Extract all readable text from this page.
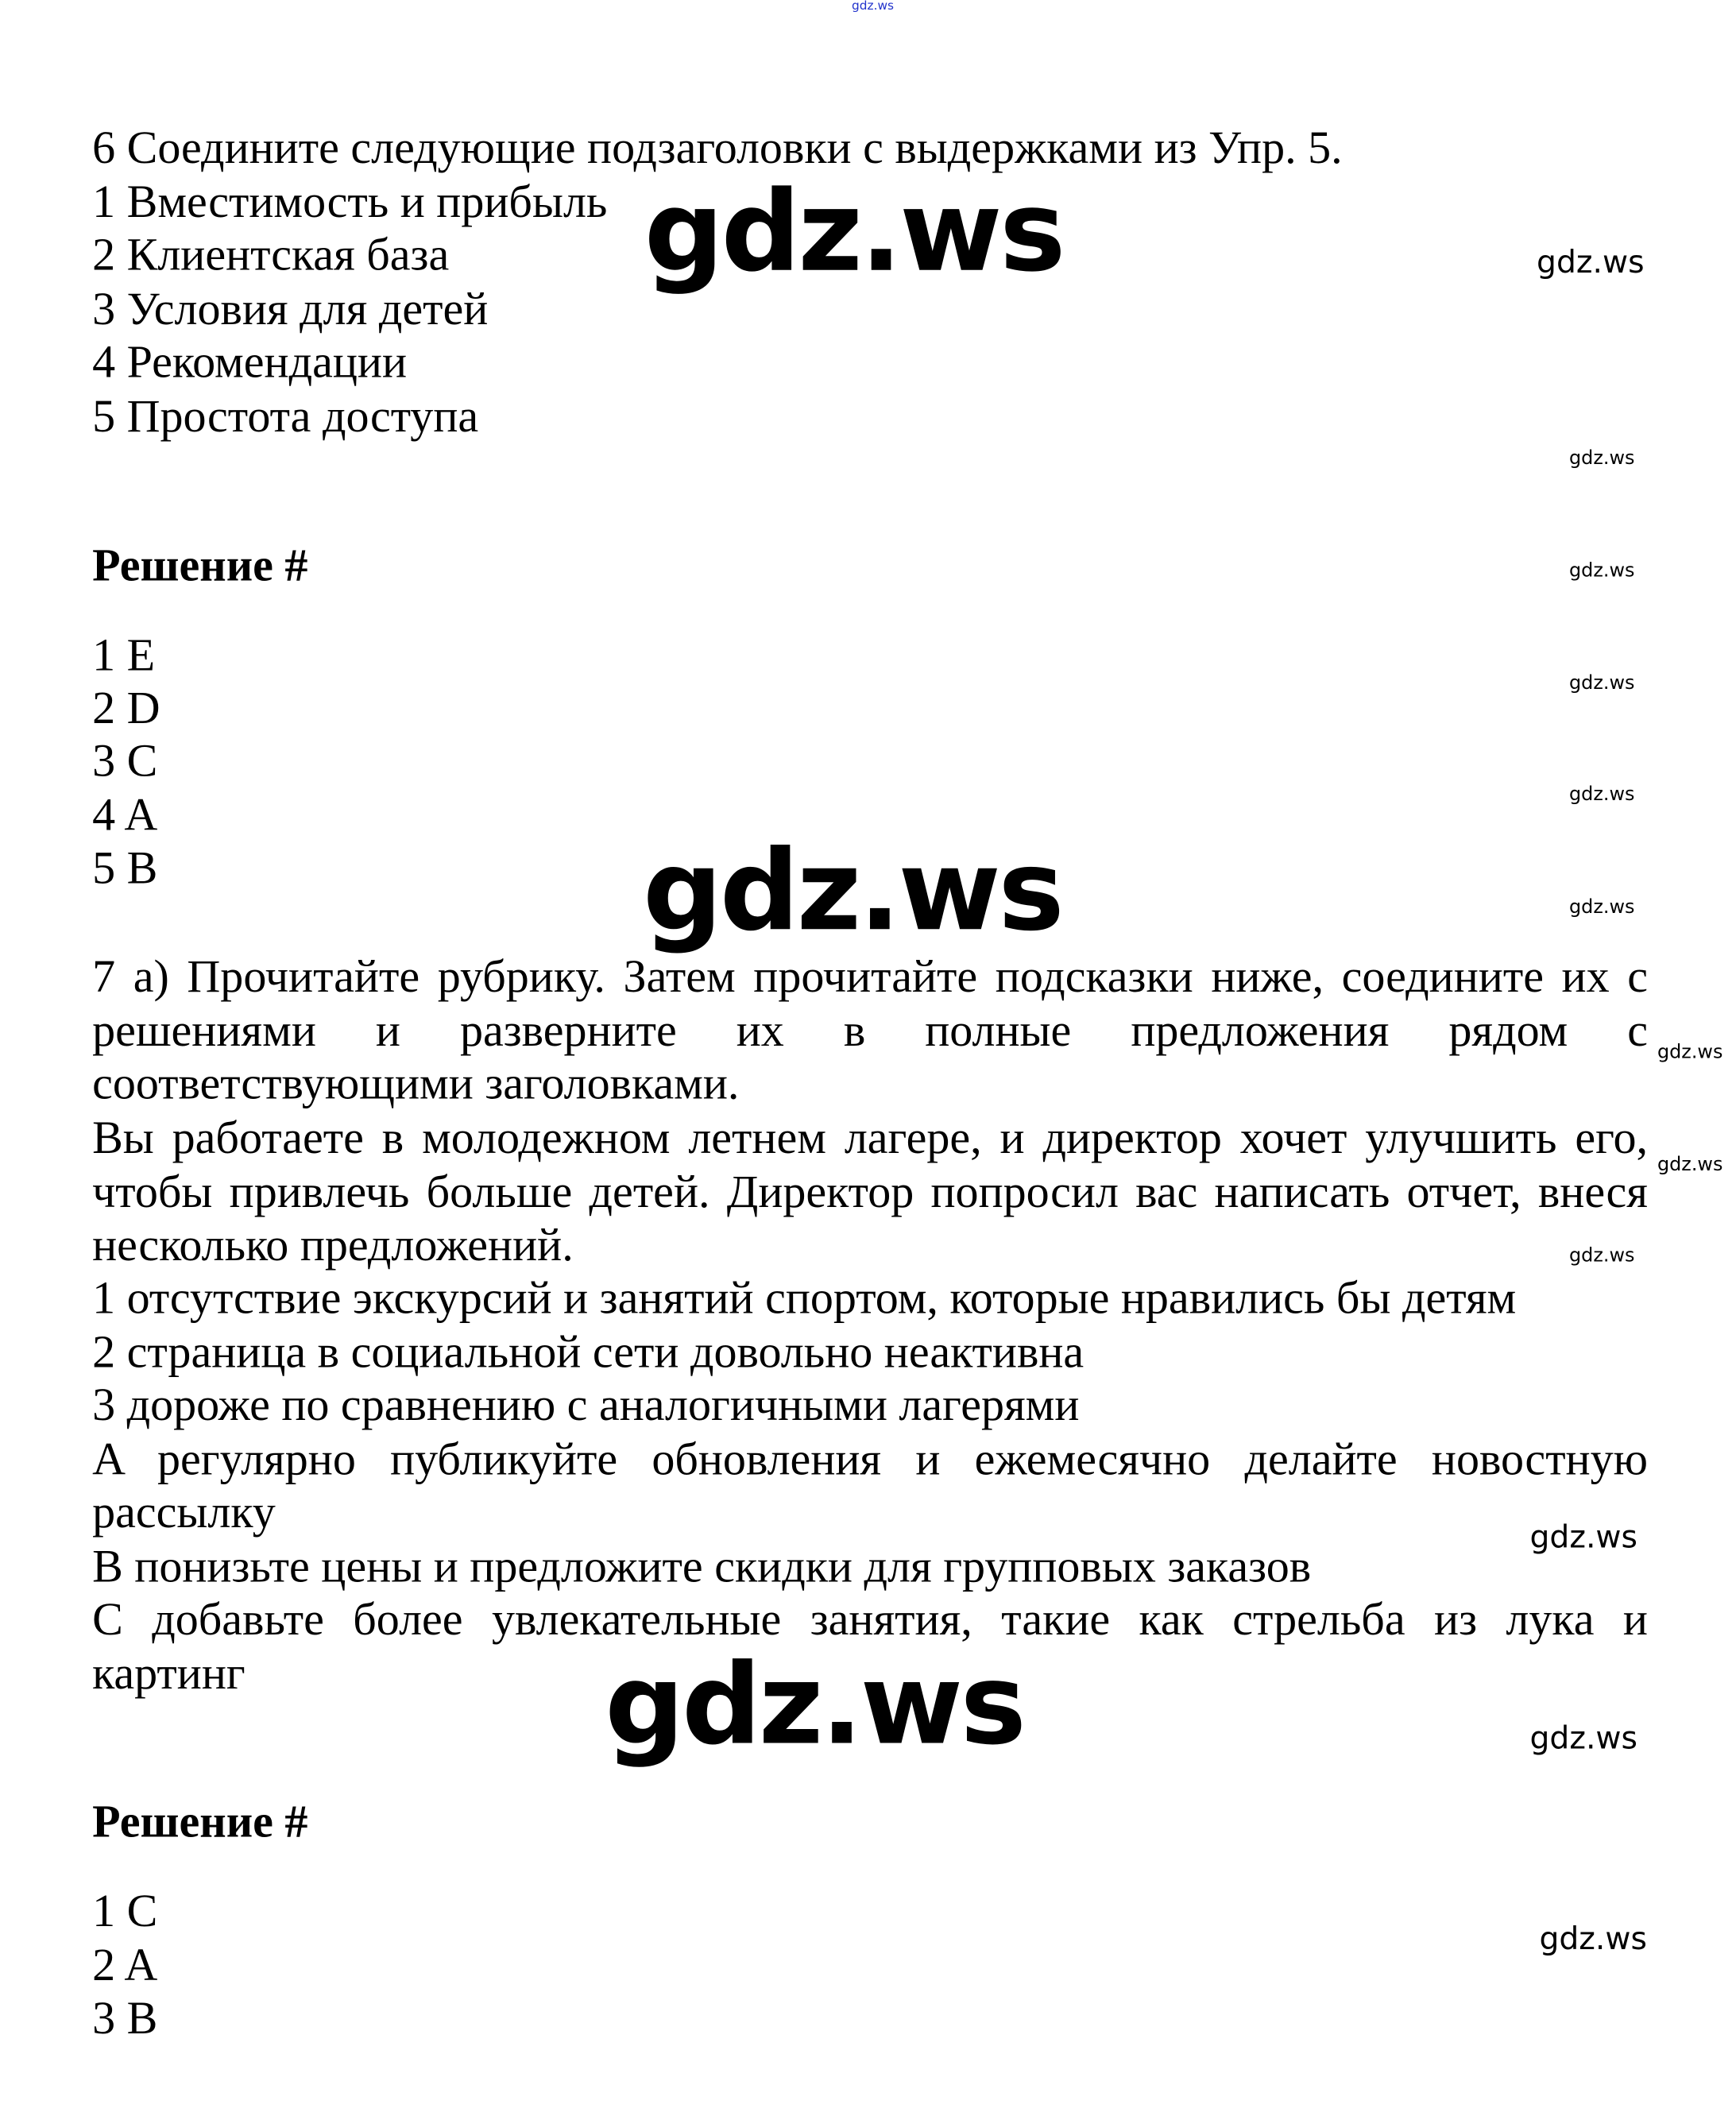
gdz.ws
6 Соедините следующие подзаголовки с выдержками из Упр. 5.
1 Вместимость и прибыль
2 Клиентская база
3 Условия для детей
4 Рекомендации
5 Простота доступа
Решение #
1 E
2 D
3 C
4 A
5 B
7 а) Прочитайте рубрику. Затем прочитайте подсказки ниже, соедините их с
решениями и разверните их в полные предложения рядом с
соответствующими заголовками.
Вы работаете в молодежном летнем лагере, и директор хочет улучшить его,
чтобы привлечь больше детей. Директор попросил вас написать отчет, внеся
несколько предложений.
1 отсутствие экскурсий и занятий спортом, которые нравились бы детям
2 страница в социальной сети довольно неактивна
3 дороже по сравнению с аналогичными лагерями
A регулярно публикуйте обновления и ежемесячно делайте новостную
рассылку
B понизьте цены и предложите скидки для групповых заказов
C добавьте более увлекательные занятия, такие как стрельба из лука и
картинг
Решение #
1 C
2 A
3 B
gdz.ws
gdz.ws
gdz.ws
gdz.ws
gdz.ws
gdz.ws
gdz.ws
gdz.ws
gdz.ws
gdz.ws
gdz.ws
gdz.ws
gdz.ws
gdz.ws
gdz.ws
